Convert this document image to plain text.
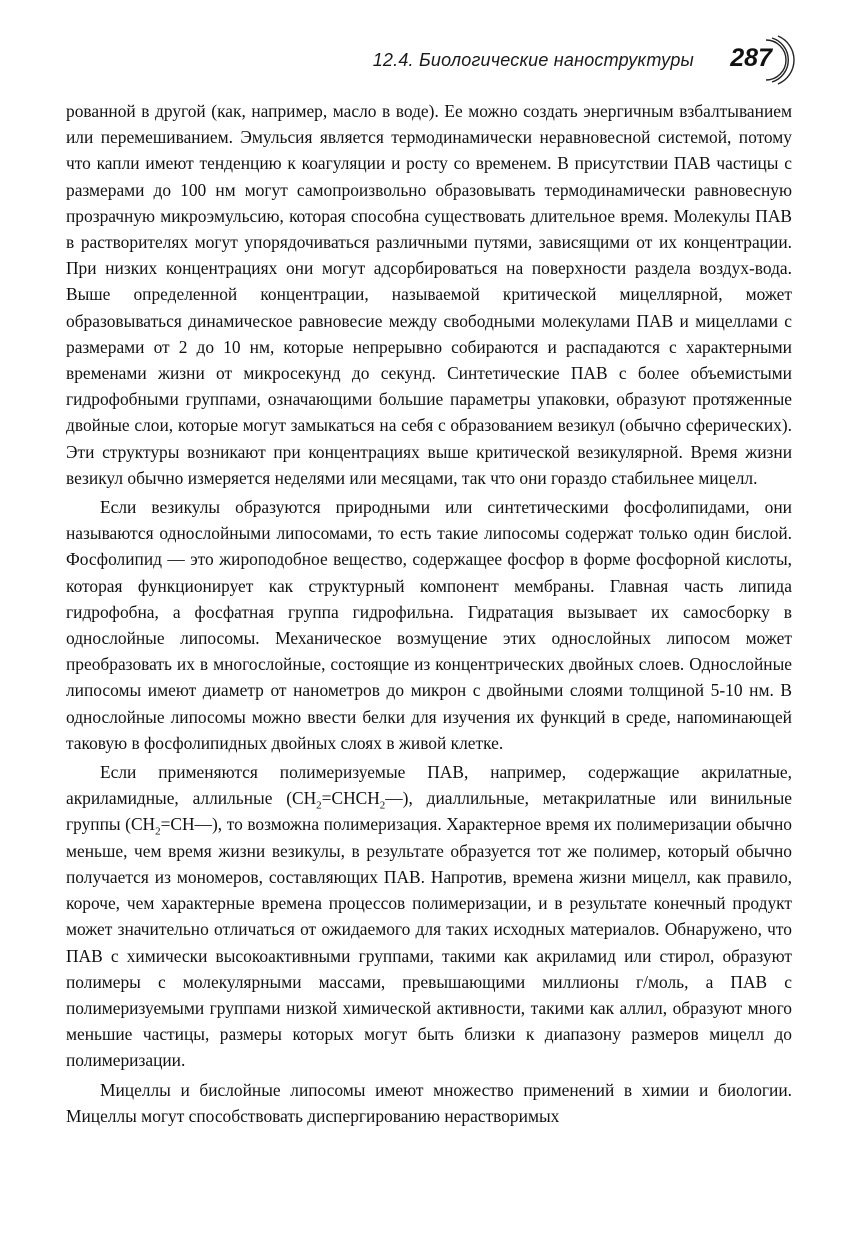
12.4. Биологические наноструктуры 287

рованной в другой (как, например, масло в воде). Ее можно создать энергичным взбалтыванием или перемешиванием. Эмульсия является термодинамически неравновесной системой, потому что капли имеют тенденцию к коагуляции и росту со временем. В присутствии ПАВ частицы с размерами до 100 нм могут самопроизвольно образовывать термодинамически равновесную прозрачную микроэмульсию, которая способна существовать длительное время. Молекулы ПАВ в растворителях могут упорядочиваться различными путями, зависящими от их концентрации. При низких концентрациях они могут адсорбироваться на поверхности раздела воздух-вода. Выше определенной концентрации, называемой критической мицеллярной, может образовываться динамическое равновесие между свободными молекулами ПАВ и мицеллами с размерами от 2 до 10 нм, которые непрерывно собираются и распадаются с характерными временами жизни от микросекунд до секунд. Синтетические ПАВ с более объемистыми гидрофобными группами, означающими большие параметры упаковки, образуют протяженные двойные слои, которые могут замыкаться на себя с образованием везикул (обычно сферических). Эти структуры возникают при концентрациях выше критической везикулярной. Время жизни везикул обычно измеряется неделями или месяцами, так что они гораздо стабильнее мицелл.

Если везикулы образуются природными или синтетическими фосфолипидами, они называются однослойными липосомами, то есть такие липосомы содержат только один бислой. Фосфолипид — это жироподобное вещество, содержащее фосфор в форме фосфорной кислоты, которая функционирует как структурный компонент мембраны. Главная часть липида гидрофобна, а фосфатная группа гидрофильна. Гидратация вызывает их самосборку в однослойные липосомы. Механическое возмущение этих однослойных липосом может преобразовать их в многослойные, состоящие из концентрических двойных слоев. Однослойные липосомы имеют диаметр от нанометров до микрон с двойными слоями толщиной 5-10 нм. В однослойные липосомы можно ввести белки для изучения их функций в среде, напоминающей таковую в фосфолипидных двойных слоях в живой клетке.

Если применяются полимеризуемые ПАВ, например, содержащие акрилатные, акриламидные, аллильные $(CH_2=CHCH_2—)$, диаллильные, метакрилатные или винильные группы $(CH_2=CH—)$, то возможна полимеризация. Характерное время их полимеризации обычно меньше, чем время жизни везикулы, в результате образуется тот же полимер, который обычно получается из мономеров, составляющих ПАВ. Напротив, времена жизни мицелл, как правило, короче, чем характерные времена процессов полимеризации, и в результате конечный продукт может значительно отличаться от ожидаемого для таких исходных материалов. Обнаружено, что ПАВ с химически высокоактивными группами, такими как акриламид или стирол, образуют полимеры с молекулярными массами, превышающими миллионы г/моль, а ПАВ с полимеризуемыми группами низкой химической активности, такими как аллил, образуют много меньшие частицы, размеры которых могут быть близки к диапазону размеров мицелл до полимеризации.

Мицеллы и бислойные липосомы имеют множество применений в химии и биологии. Мицеллы могут способствовать диспергированию нерастворимых
